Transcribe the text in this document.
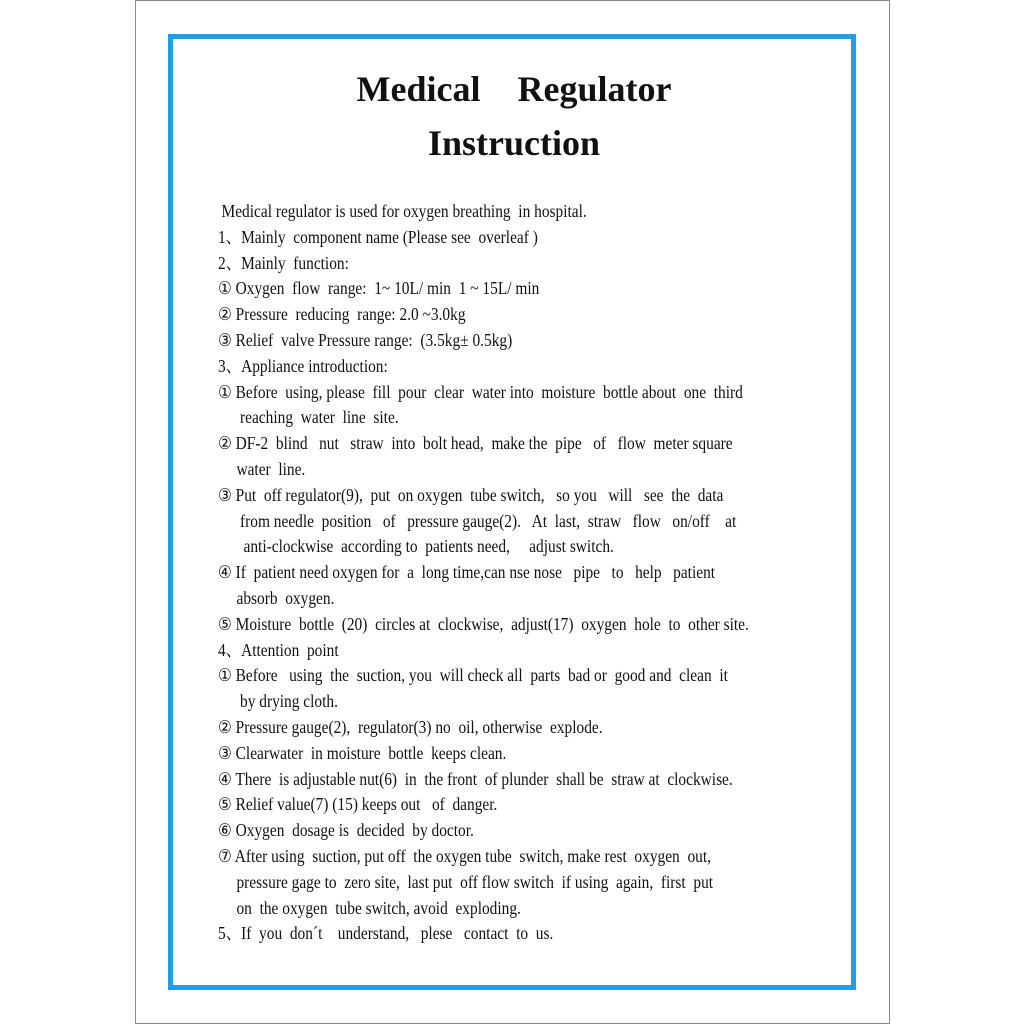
Medical Regulator
Instruction
Medical regulator is used for oxygen breathing  in hospital.
1、Mainly  component name (Please see  overleaf )
2、Mainly  function:
① Oxygen  flow  range:  1~ 10L/ min  1 ~ 15L/ min
② Pressure  reducing  range: 2.0 ~3.0kg
③ Relief  valve Pressure range:  (3.5kg± 0.5kg)
3、Appliance introduction:
① Before  using, please  fill  pour  clear  water into  moisture  bottle about  one  third
reaching  water  line  site.
② DF-2  blind   nut   straw  into  bolt head,  make the  pipe   of   flow  meter square
water  line.
③ Put  off regulator(9),  put  on oxygen  tube switch,   so you   will   see  the  data
from needle  position   of   pressure gauge(2).   At  last,  straw   flow   on/off    at
anti-clockwise  according to  patients need,     adjust switch.
④ If  patient need oxygen for  a  long time,can nse nose   pipe   to   help   patient
absorb  oxygen.
⑤ Moisture  bottle  (20)  circles at  clockwise,  adjust(17)  oxygen  hole  to  other site.
4、Attention  point
① Before   using  the  suction, you  will check all  parts  bad or  good and  clean  it
by drying cloth.
② Pressure gauge(2),  regulator(3) no  oil, otherwise  explode.
③ Clearwater  in moisture  bottle  keeps clean.
④ There  is adjustable nut(6)  in  the front  of plunder  shall be  straw at  clockwise.
⑤ Relief value(7) (15) keeps out   of  danger.
⑥ Oxygen  dosage is  decided  by doctor.
⑦ After using  suction, put off  the oxygen tube  switch, make rest  oxygen  out,
pressure gage to  zero site,  last put  off flow switch  if using  again,  first  put
on  the oxygen  tube switch, avoid  exploding.
5、If  you  don´t    understand,   plese   contact  to  us.
